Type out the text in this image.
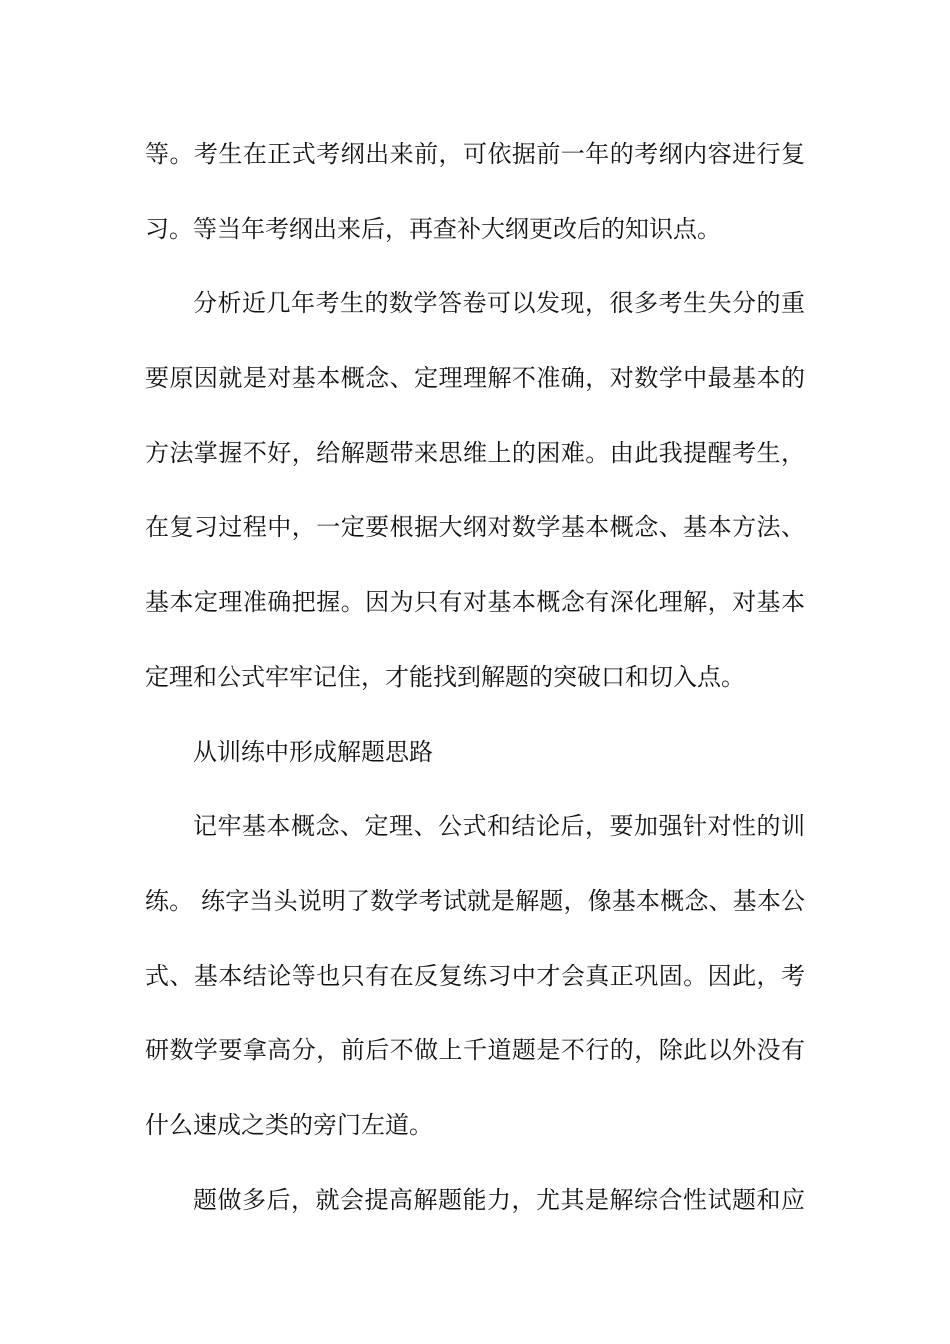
等。考生在正式考纲出来前，可依据前一年的考纲内容进行复
习。等当年考纲出来后，再查补大纲更改后的知识点。
分析近几年考生的数学答卷可以发现，很多考生失分的重
要原因就是对基本概念、定理理解不准确，对数学中最基本的
方法掌握不好，给解题带来思维上的困难。由此我提醒考生，
在复习过程中，一定要根据大纲对数学基本概念、基本方法、
基本定理准确把握。因为只有对基本概念有深化理解，对基本
定理和公式牢牢记住，才能找到解题的突破口和切入点。
从训练中形成解题思路
记牢基本概念、定理、公式和结论后，要加强针对性的训
练。 练字当头说明了数学考试就是解题，像基本概念、基本公
式、基本结论等也只有在反复练习中才会真正巩固。因此，考
研数学要拿高分，前后不做上千道题是不行的，除此以外没有
什么速成之类的旁门左道。
题做多后，就会提高解题能力，尤其是解综合性试题和应
